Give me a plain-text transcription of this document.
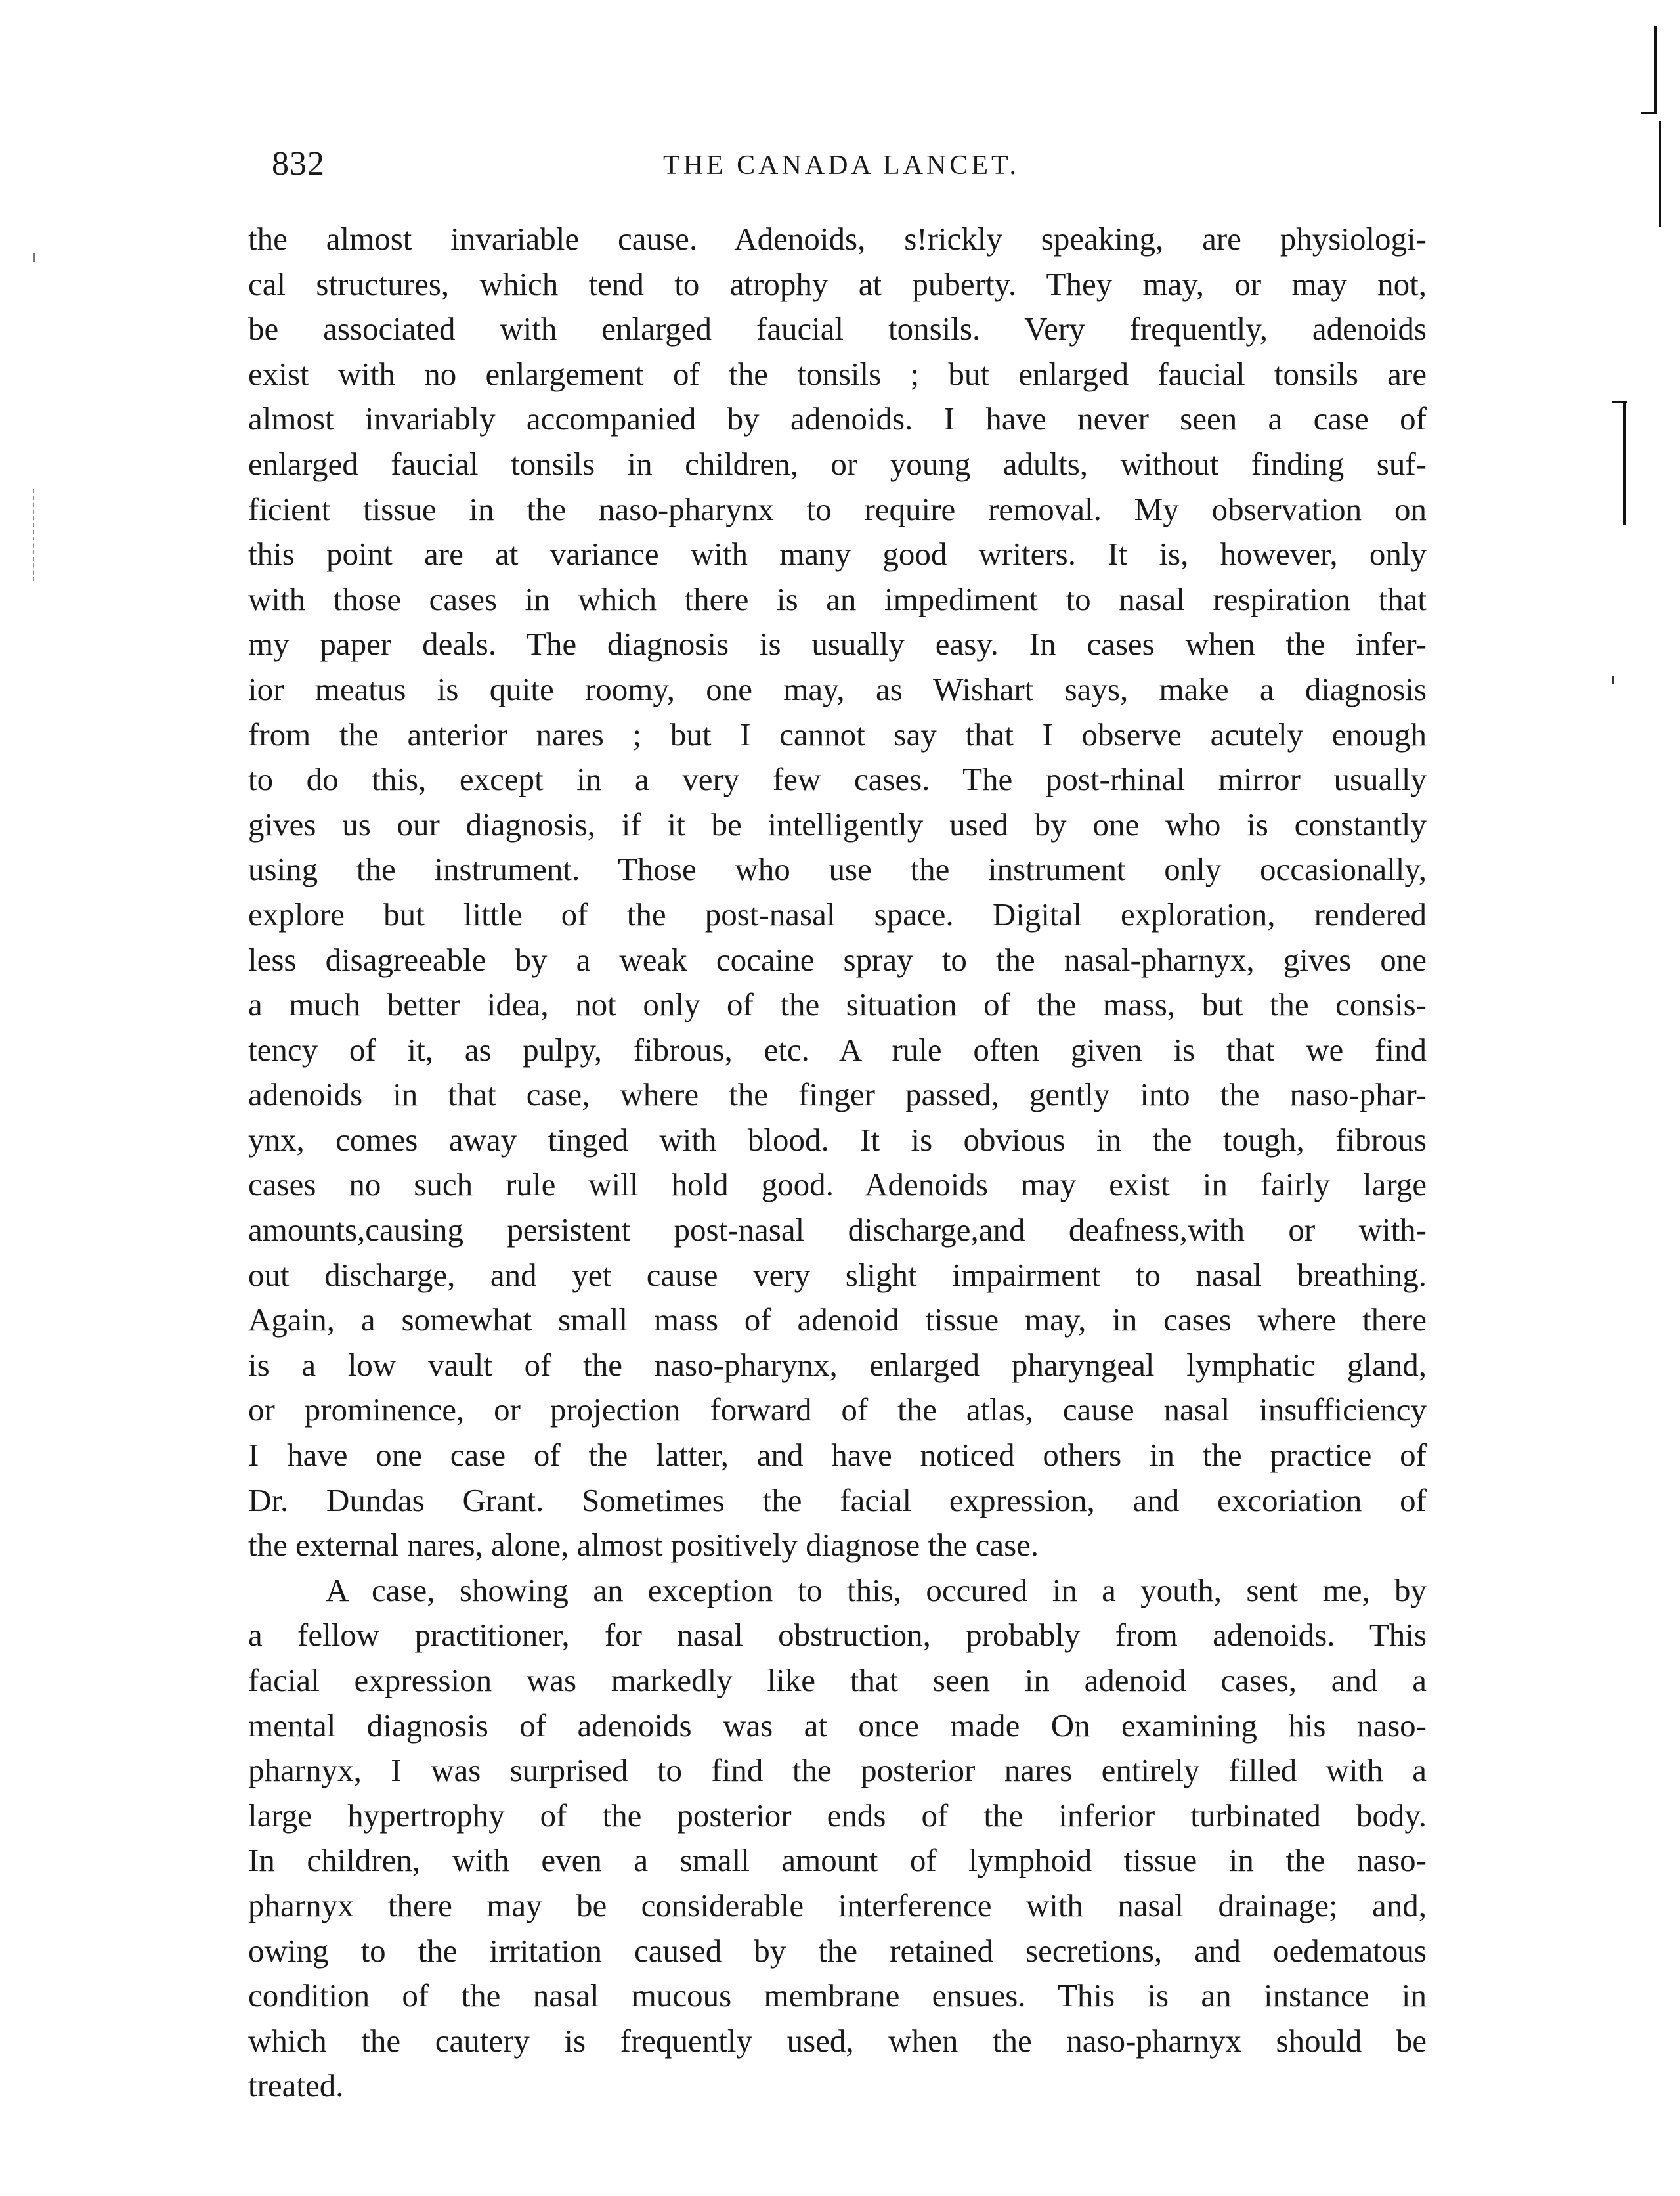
832	THE CANADA LANCET.
the almost invariable cause. Adenoids, s!rickly speaking, are physiologi-
cal structures, which tend to atrophy at puberty. They may, or may not,
be associated with enlarged faucial tonsils. Very frequently, adenoids
exist with no enlargement of the tonsils ; but enlarged faucial tonsils are
almost invariably accompanied by adenoids. I have never seen a case of
enlarged faucial tonsils in children, or young adults, without finding suf-
ficient tissue in the naso-pharynx to require removal. My observation on
this point are at variance with many good writers. It is, however, only
with those cases in which there is an impediment to nasal respiration that
my paper deals. The diagnosis is usually easy. In cases when the infer-
ior meatus is quite roomy, one may, as Wishart says, make a diagnosis
from the anterior nares ; but I cannot say that I observe acutely enough
to do this, except in a very few cases. The post-rhinal mirror usually
gives us our diagnosis, if it be intelligently used by one who is constantly
using the instrument. Those who use the instrument only occasionally,
explore but little of the post-nasal space. Digital exploration, rendered
less disagreeable by a weak cocaine spray to the nasal-pharnyx, gives one
a much better idea, not only of the situation of the mass, but the consis-
tency of it, as pulpy, fibrous, etc. A rule often given is that we find
adenoids in that case, where the finger passed, gently into the naso-phar-
ynx, comes away tinged with blood. It is obvious in the tough, fibrous
cases no such rule will hold good. Adenoids may exist in fairly large
amounts,causing persistent post-nasal discharge,and deafness,with or with-
out discharge, and yet cause very slight impairment to nasal breathing.
Again, a somewhat small mass of adenoid tissue may, in cases where there
is a low vault of the naso-pharynx, enlarged pharyngeal lymphatic gland,
or prominence, or projection forward of the atlas, cause nasal insufficiency
I have one case of the latter, and have noticed others in the practice of
Dr. Dundas Grant. Sometimes the facial expression, and excoriation of
the external nares, alone, almost positively diagnose the case.
A case, showing an exception to this, occured in a youth, sent me, by
a fellow practitioner, for nasal obstruction, probably from adenoids. This
facial expression was markedly like that seen in adenoid cases, and a
mental diagnosis of adenoids was at once made On examining his naso-
pharnyx, I was surprised to find the posterior nares entirely filled with a
large hypertrophy of the posterior ends of the inferior turbinated body.
In children, with even a small amount of lymphoid tissue in the naso-
pharnyx there may be considerable interference with nasal drainage; and,
owing to the irritation caused by the retained secretions, and oedematous
condition of the nasal mucous membrane ensues. This is an instance in
which the cautery is frequently used, when the naso-pharnyx should be
treated.
